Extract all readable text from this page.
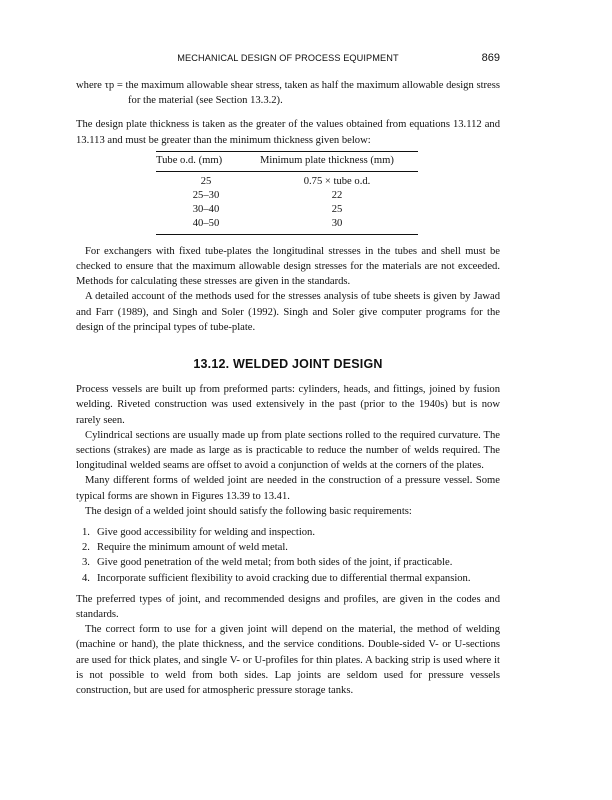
MECHANICAL DESIGN OF PROCESS EQUIPMENT	869

where τp = the maximum allowable shear stress, taken as half the maximum allowable design stress for the material (see Section 13.3.2).

The design plate thickness is taken as the greater of the values obtained from equations 13.112 and 13.113 and must be greater than the minimum thickness given below:

Tube o.d. (mm)	Minimum plate thickness (mm)
25	0.75 × tube o.d.
25–30	22
30–40	25
40–50	30

For exchangers with fixed tube-plates the longitudinal stresses in the tubes and shell must be checked to ensure that the maximum allowable design stresses for the materials are not exceeded. Methods for calculating these stresses are given in the standards.

A detailed account of the methods used for the stresses analysis of tube sheets is given by Jawad and Farr (1989), and Singh and Soler (1992). Singh and Soler give computer programs for the design of the principal types of tube-plate.

13.12. WELDED JOINT DESIGN

Process vessels are built up from preformed parts: cylinders, heads, and fittings, joined by fusion welding. Riveted construction was used extensively in the past (prior to the 1940s) but is now rarely seen.

Cylindrical sections are usually made up from plate sections rolled to the required curvature. The sections (strakes) are made as large as is practicable to reduce the number of welds required. The longitudinal welded seams are offset to avoid a conjunction of welds at the corners of the plates.

Many different forms of welded joint are needed in the construction of a pressure vessel. Some typical forms are shown in Figures 13.39 to 13.41.

The design of a welded joint should satisfy the following basic requirements:

1. Give good accessibility for welding and inspection.
2. Require the minimum amount of weld metal.
3. Give good penetration of the weld metal; from both sides of the joint, if practicable.
4. Incorporate sufficient flexibility to avoid cracking due to differential thermal expansion.

The preferred types of joint, and recommended designs and profiles, are given in the codes and standards.

The correct form to use for a given joint will depend on the material, the method of welding (machine or hand), the plate thickness, and the service conditions. Double-sided V- or U-sections are used for thick plates, and single V- or U-profiles for thin plates. A backing strip is used where it is not possible to weld from both sides. Lap joints are seldom used for pressure vessels construction, but are used for atmospheric pressure storage tanks.
